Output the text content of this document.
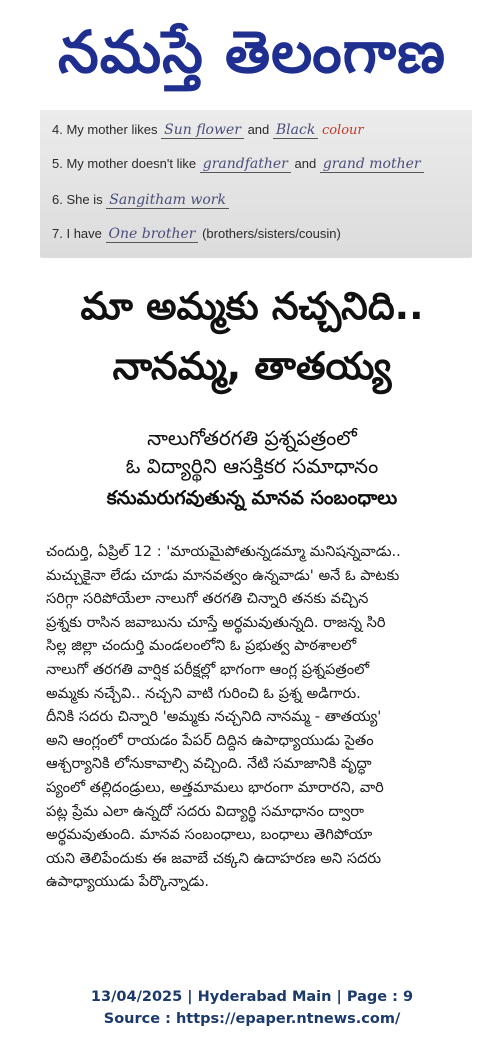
నమస్తే తెలంగాణ
4. My mother likes Sun flower and Black colour
5. My mother doesn't like grandfather and grand mother
6. She is Sangitham work
7. I have One brother (brothers/sisters/cousin)
మా అమ్మకు నచ్చనిది..
నానమ్మ, తాతయ్య
నాలుగోతరగతి ప్రశ్నపత్రంలో
ఓ విద్యార్థిని ఆసక్తికర సమాధానం
కనుమరుగవుతున్న మానవ సంబంధాలు
చందుర్తి, ఏప్రిల్ 12 : 'మాయమైపోతున్నడమ్మా మనిషన్నవాడు..
మచ్చుకైనా లేడు చూడు మానవత్వం ఉన్నవాడు' అనే ఓ పాటకు
సరిగ్గా సరిపోయేలా నాలుగో తరగతి చిన్నారి తనకు వచ్చిన
ప్రశ్నకు రాసిన జవాబును చూస్తే అర్థమవుతున్నది. రాజన్న సిరి
సిల్ల జిల్లా చందుర్తి మండలంలోని ఓ ప్రభుత్వ పాఠశాలలో
నాలుగో తరగతి వార్షిక పరీక్షల్లో భాగంగా ఆంగ్ల ప్రశ్నపత్రంలో
అమ్మకు నచ్చేవి.. నచ్చని వాటి గురించి ఓ ప్రశ్న అడిగారు.
దీనికి సదరు చిన్నారి 'అమ్మకు నచ్చనిది నానమ్మ - తాతయ్య'
అని ఆంగ్లంలో రాయడం పేపర్ దిద్దిన ఉపాధ్యాయుడు సైతం
ఆశ్చర్యానికి లోనుకావాల్సి వచ్చింది. నేటి సమాజానికి వృద్ధా
ప్యంలో తల్లిదండ్రులు, అత్తమామలు భారంగా మారారని, వారి
పట్ల ప్రేమ ఎలా ఉన్నదో సదరు విద్యార్థి సమాధానం ద్వారా
అర్థమవుతుంది. మానవ సంబంధాలు, బంధాలు తెగిపోయా
యని తెలిపేందుకు ఈ జవాబే చక్కని ఉదాహరణ అని సదరు
ఉపాధ్యాయుడు పేర్కొన్నాడు.
13/04/2025 | Hyderabad Main | Page : 9
Source : https://epaper.ntnews.com/
